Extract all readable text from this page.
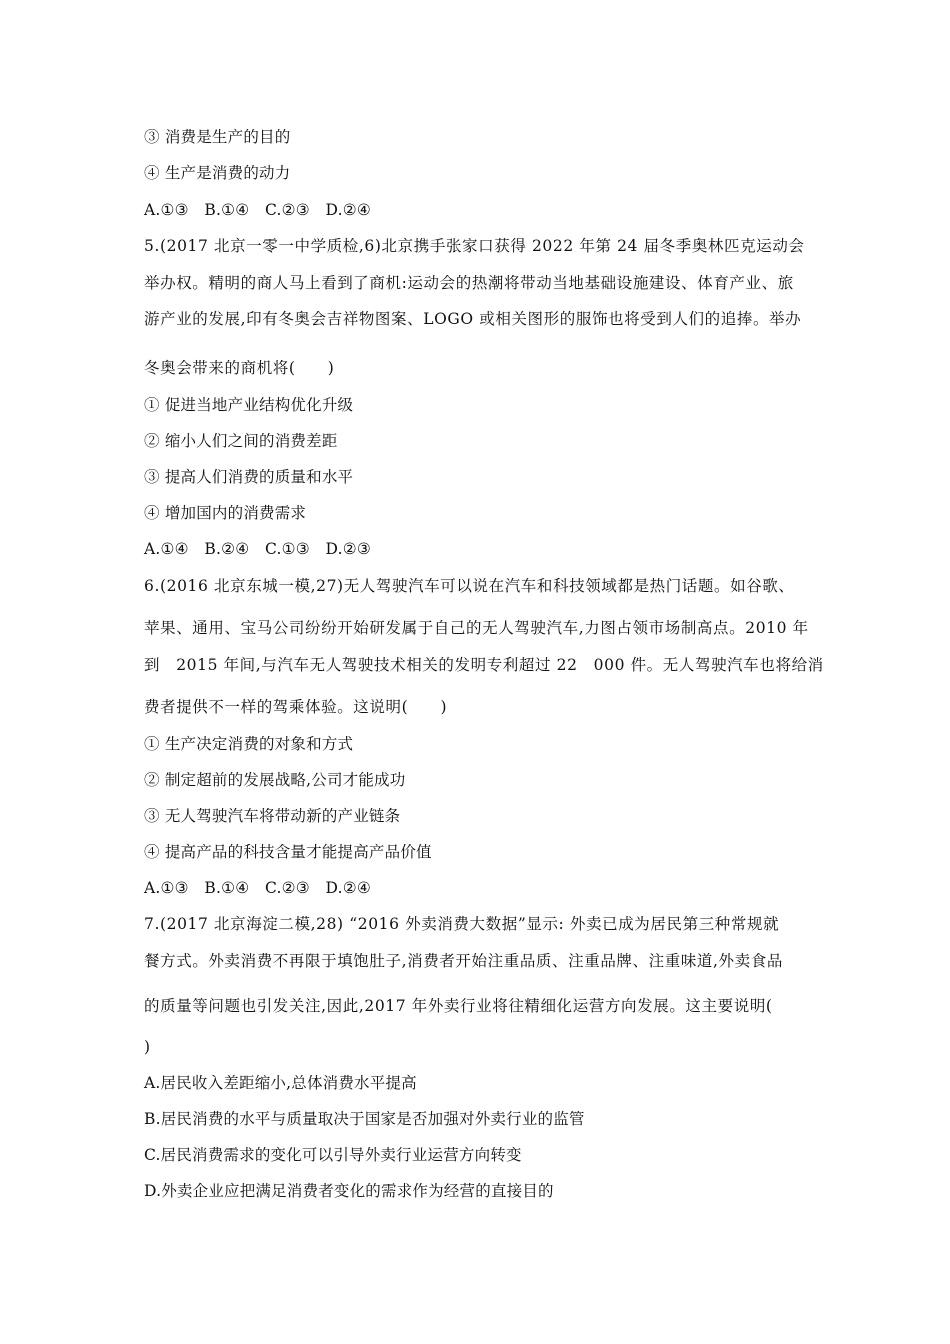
③ 消费是生产的目的
④ 生产是消费的动力
A.①③　B.①④　C.②③　D.②④
5.(2017 北京一零一中学质检,6)北京携手张家口获得 2022 年第 24 届冬季奥林匹克运动会
举办权。精明的商人马上看到了商机:运动会的热潮将带动当地基础设施建设、体育产业、旅
游产业的发展,印有冬奥会吉祥物图案、LOGO 或相关图形的服饰也将受到人们的追捧。举办
冬奥会带来的商机将(　　)
① 促进当地产业结构优化升级
② 缩小人们之间的消费差距
③ 提高人们消费的质量和水平
④ 增加国内的消费需求
A.①④　B.②④　C.①③　D.②③
6.(2016 北京东城一模,27)无人驾驶汽车可以说在汽车和科技领域都是热门话题。如谷歌、
苹果、通用、宝马公司纷纷开始研发属于自己的无人驾驶汽车,力图占领市场制高点。2010 年
到　2015 年间,与汽车无人驾驶技术相关的发明专利超过 22　000 件。无人驾驶汽车也将给消
费者提供不一样的驾乘体验。这说明(　　)
① 生产决定消费的对象和方式
② 制定超前的发展战略,公司才能成功
③ 无人驾驶汽车将带动新的产业链条
④ 提高产品的科技含量才能提高产品价值
A.①③　B.①④　C.②③　D.②④
7.(2017 北京海淀二模,28) “2016 外卖消费大数据”显示: 外卖已成为居民第三种常规就
餐方式。外卖消费不再限于填饱肚子,消费者开始注重品质、注重品牌、注重味道,外卖食品
的质量等问题也引发关注,因此,2017 年外卖行业将往精细化运营方向发展。这主要说明(
)
A.居民收入差距缩小,总体消费水平提高
B.居民消费的水平与质量取决于国家是否加强对外卖行业的监管
C.居民消费需求的变化可以引导外卖行业运营方向转变
D.外卖企业应把满足消费者变化的需求作为经营的直接目的
